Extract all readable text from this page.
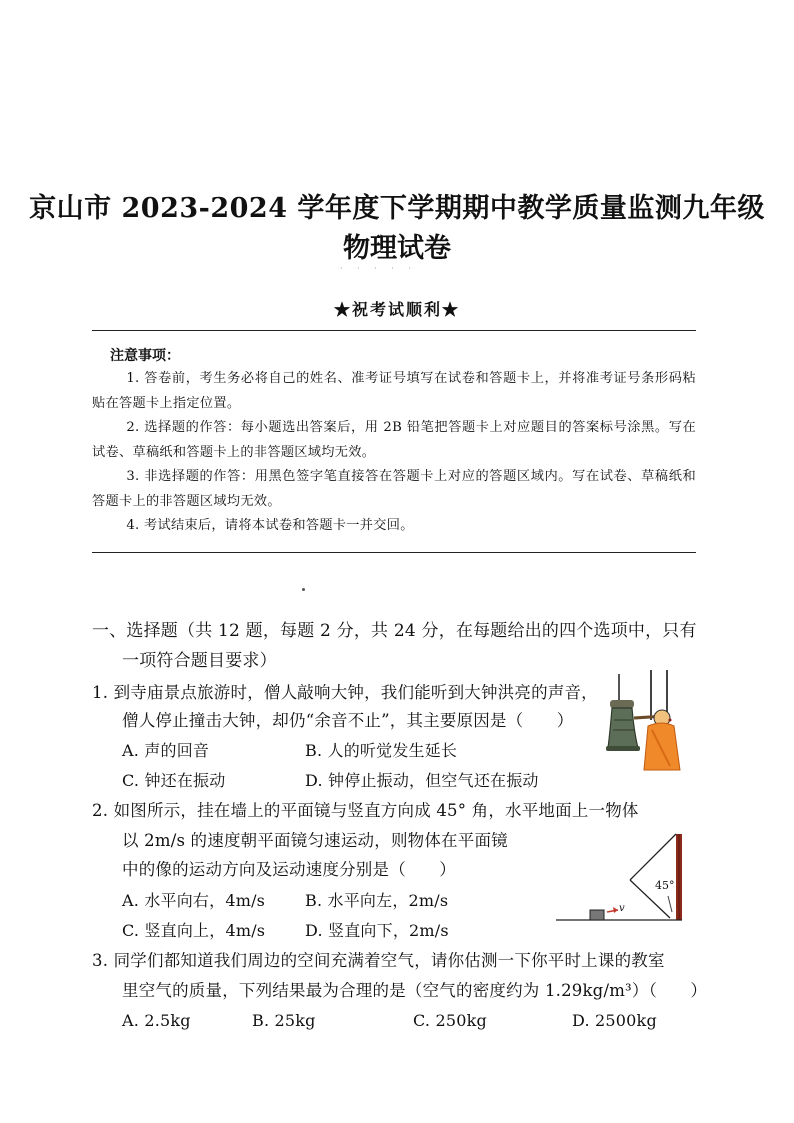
京山市 2023-2024 学年度下学期期中教学质量监测九年级
物理试卷
· · · · ·
★祝考试顺利★
注意事项：

1. 答卷前，考生务必将自己的姓名、准考证号填写在试卷和答题卡上，并将准考证号条形码粘贴在答题卡上指定位置。

2. 选择题的作答：每小题选出答案后，用 2B 铅笔把答题卡上对应题目的答案标号涂黑。写在试卷、草稿纸和答题卡上的非答题区域均无效。

3. 非选择题的作答：用黑色签字笔直接答在答题卡上对应的答题区域内。写在试卷、草稿纸和答题卡上的非答题区域均无效。

4. 考试结束后，请将本试卷和答题卡一并交回。

一、选择题（共 12 题，每题 2 分，共 24 分，在每题给出的四个选项中，只有
一项符合题目要求）
1. 到寺庙景点旅游时，僧人敲响大钟，我们能听到大钟洪亮的声音，
僧人停止撞击大钟，却仍“余音不止”，其主要原因是（　　）
A. 声的回音	B. 人的听觉发生延长
C. 钟还在振动	D. 钟停止振动，但空气还在振动
2. 如图所示，挂在墙上的平面镜与竖直方向成 45° 角，水平地面上一物体
以 2m/s 的速度朝平面镜匀速运动，则物体在平面镜
中的像的运动方向及运动速度分别是（　　）
A. 水平向右，4m/s B. 水平向左，2m/s
C. 竖直向上，4m/s D. 竖直向下，2m/s
v
45°
3. 同学们都知道我们周边的空间充满着空气，请你估测一下你平时上课的教室
里空气的质量，下列结果最为合理的是（空气的密度约为 1.29kg/m³）（　　）
A. 2.5kg	B. 25kg	C. 250kg	D. 2500kg
